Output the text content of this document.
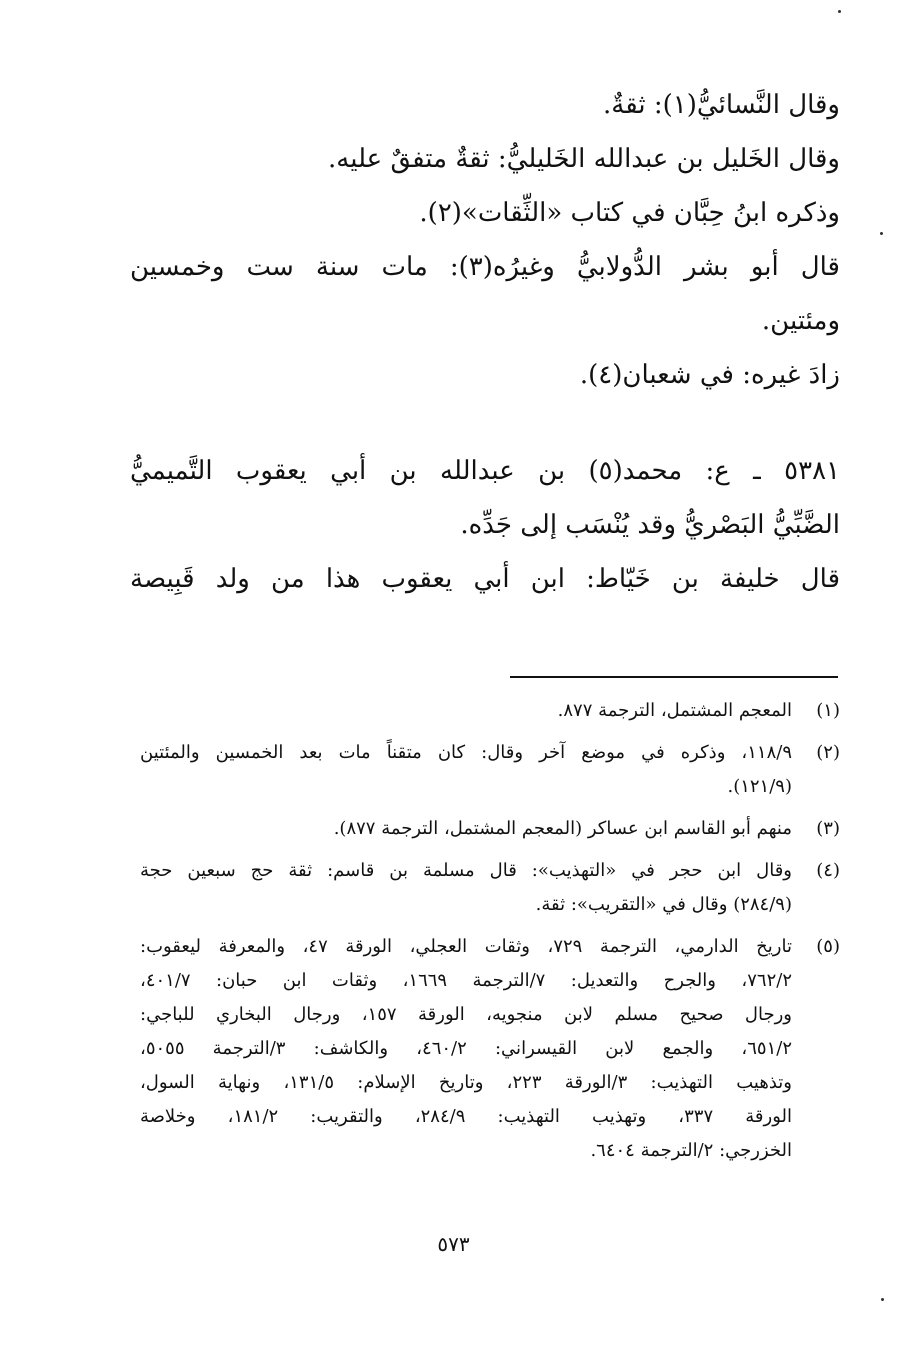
وقال النَّسائيُّ(١): ثقةٌ.

وقال الخَليل بن عبدالله الخَليليُّ: ثقةٌ متفقٌ عليه.

وذكره ابنُ حِبَّان في كتاب «الثِّقات»(٢).

قال أبو بشر الدُّولابيُّ وغيرُه(٣): مات سنة ست وخمسين

ومئتين.

زادَ غيره: في شعبان(٤).

٥٣٨١ ـ ع: محمد(٥) بن عبدالله بن أبي يعقوب التَّميميُّ

الضَّبِّيُّ البَصْريُّ وقد يُنْسَب إلى جَدِّه.

قال خليفة بن خَيّاط: ابن أبي يعقوب هذا من ولد قَبِيصة

(١)
المعجم المشتمل، الترجمة ٨٧٧.
(٢)
١١٨/٩، وذكره في موضع آخر وقال: كان متقناً مات بعد الخمسين والمئتين
(١٢١/٩).
(٣)
منهم أبو القاسم ابن عساكر (المعجم المشتمل، الترجمة ٨٧٧).
(٤)
وقال ابن حجر في «التهذيب»: قال مسلمة بن قاسم: ثقة حج سبعين حجة
(٢٨٤/٩) وقال في «التقريب»: ثقة.
(٥)
تاريخ الدارمي، الترجمة ٧٢٩، وثقات العجلي، الورقة ٤٧، والمعرفة ليعقوب:
٧٦٢/٢، والجرح والتعديل: ٧/الترجمة ١٦٦٩، وثقات ابن حبان: ٤٠١/٧،
ورجال صحيح مسلم لابن منجويه، الورقة ١٥٧، ورجال البخاري للباجي:
٦٥١/٢، والجمع لابن القيسراني: ٤٦٠/٢، والكاشف: ٣/الترجمة ٥٠٥٥،
وتذهيب التهذيب: ٣/الورقة ٢٢٣، وتاريخ الإسلام: ١٣١/٥، ونهاية السول،
الورقة ٣٣٧، وتهذيب التهذيب: ٢٨٤/٩، والتقريب: ١٨١/٢، وخلاصة
الخزرجي: ٢/الترجمة ٦٤٠٤.
٥٧٣
